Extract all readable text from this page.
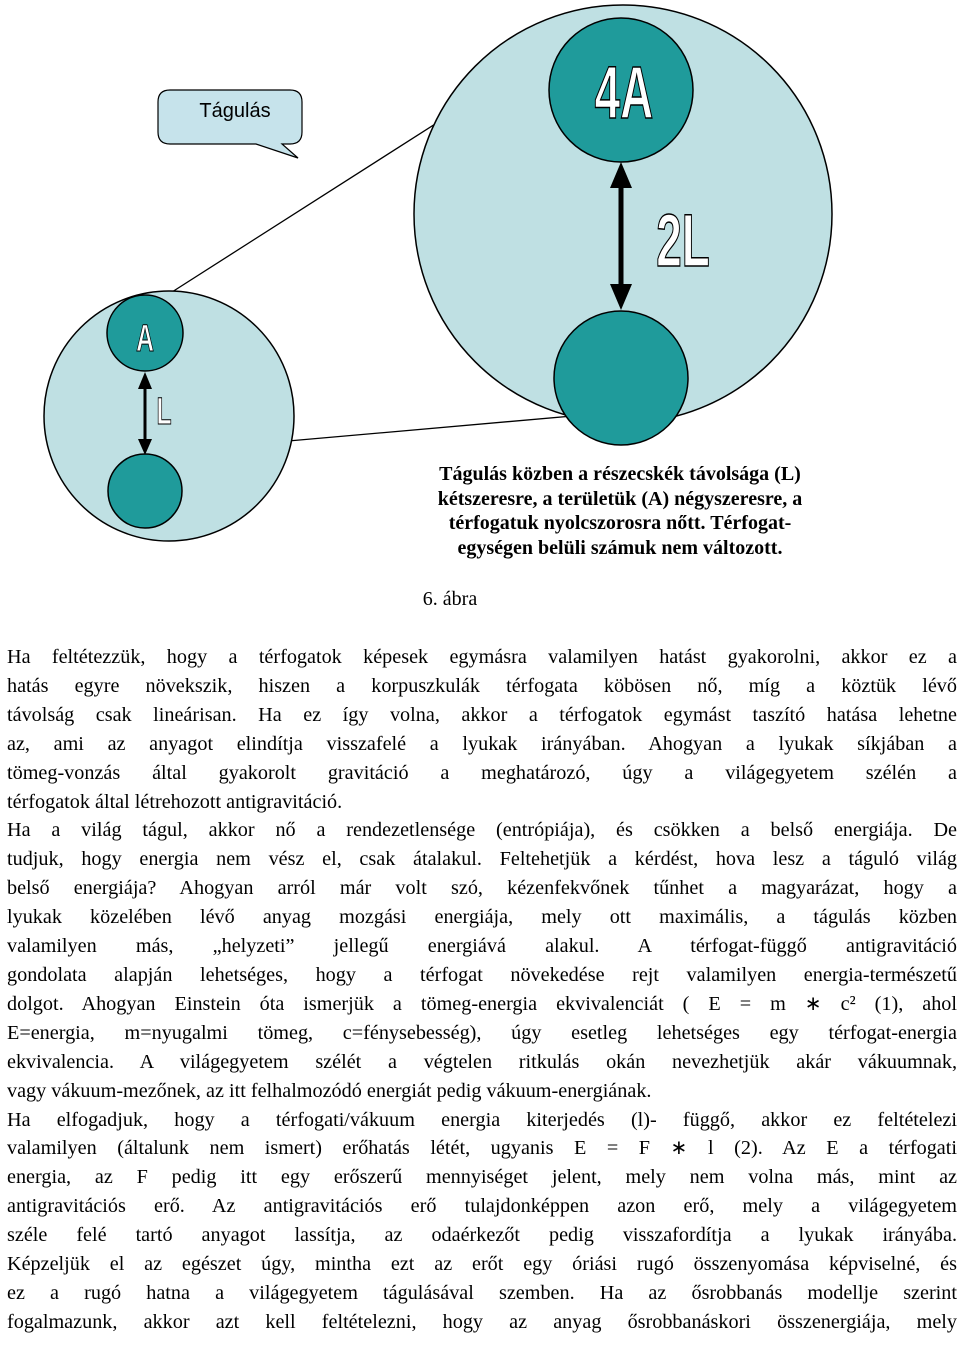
4A
2L
A
L
Tágulás
Tágulás közben a részecskék távolsága (L)
kétszeresre, a területük (A) négyszeresre, a
térfogatuk nyolcszorosra nőtt. Térfogat-
egységen belüli számuk nem változott.
6. ábra
Ha feltétezzük, hogy a térfogatok képesek egymásra valamilyen hatást gyakorolni, akkor ez a
hatás egyre növekszik, hiszen a korpuszkulák térfogata köbösen nő, míg a köztük lévő
távolság csak lineárisan. Ha ez így volna, akkor a térfogatok egymást taszító hatása lehetne
az, ami az anyagot elindítja visszafelé a lyukak irányában. Ahogyan a lyukak síkjában a
tömeg-vonzás által gyakorolt gravitáció a meghatározó, úgy a világegyetem szélén a
térfogatok által létrehozott antigravitáció.
Ha a világ tágul, akkor nő a rendezetlensége (entrópiája), és csökken a belső energiája. De
tudjuk, hogy energia nem vész el, csak átalakul. Feltehetjük a kérdést, hova lesz a táguló világ
belső energiája? Ahogyan arról már volt szó, kézenfekvőnek tűnhet a magyarázat, hogy a
lyukak közelében lévő anyag mozgási energiája, mely ott maximális, a tágulás közben
valamilyen más, „helyzeti” jellegű energiává alakul. A térfogat-függő antigravitáció
gondolata alapján lehetséges, hogy a térfogat növekedése rejt valamilyen energia-természetű
dolgot. Ahogyan Einstein óta ismerjük a tömeg-energia ekvivalenciát ( E = m ∗ c² (1), ahol
E=energia, m=nyugalmi tömeg, c=fénysebesség), úgy esetleg lehetséges egy térfogat-energia
ekvivalencia. A világegyetem szélét a végtelen ritkulás okán nevezhetjük akár vákuumnak,
vagy vákuum-mezőnek, az itt felhalmozódó energiát pedig vákuum-energiának.
Ha elfogadjuk, hogy a térfogati/vákuum energia kiterjedés (l)- függő, akkor ez feltételezi
valamilyen (általunk nem ismert) erőhatás létét, ugyanis E = F ∗ l (2). Az E a térfogati
energia, az F pedig itt egy erőszerű mennyiséget jelent, mely nem volna más, mint az
antigravitációs erő. Az antigravitációs erő tulajdonképpen azon erő, mely a világegyetem
széle felé tartó anyagot lassítja, az odaérkezőt pedig visszafordítja a lyukak irányába.
Képzeljük el az egészet úgy, mintha ezt az erőt egy óriási rugó összenyomása képviselné, és
ez a rugó hatna a világegyetem tágulásával szemben. Ha az ősrobbanás modellje szerint
fogalmazunk, akkor azt kell feltételezni, hogy az anyag ősrobbanáskori összenergiája, mely
